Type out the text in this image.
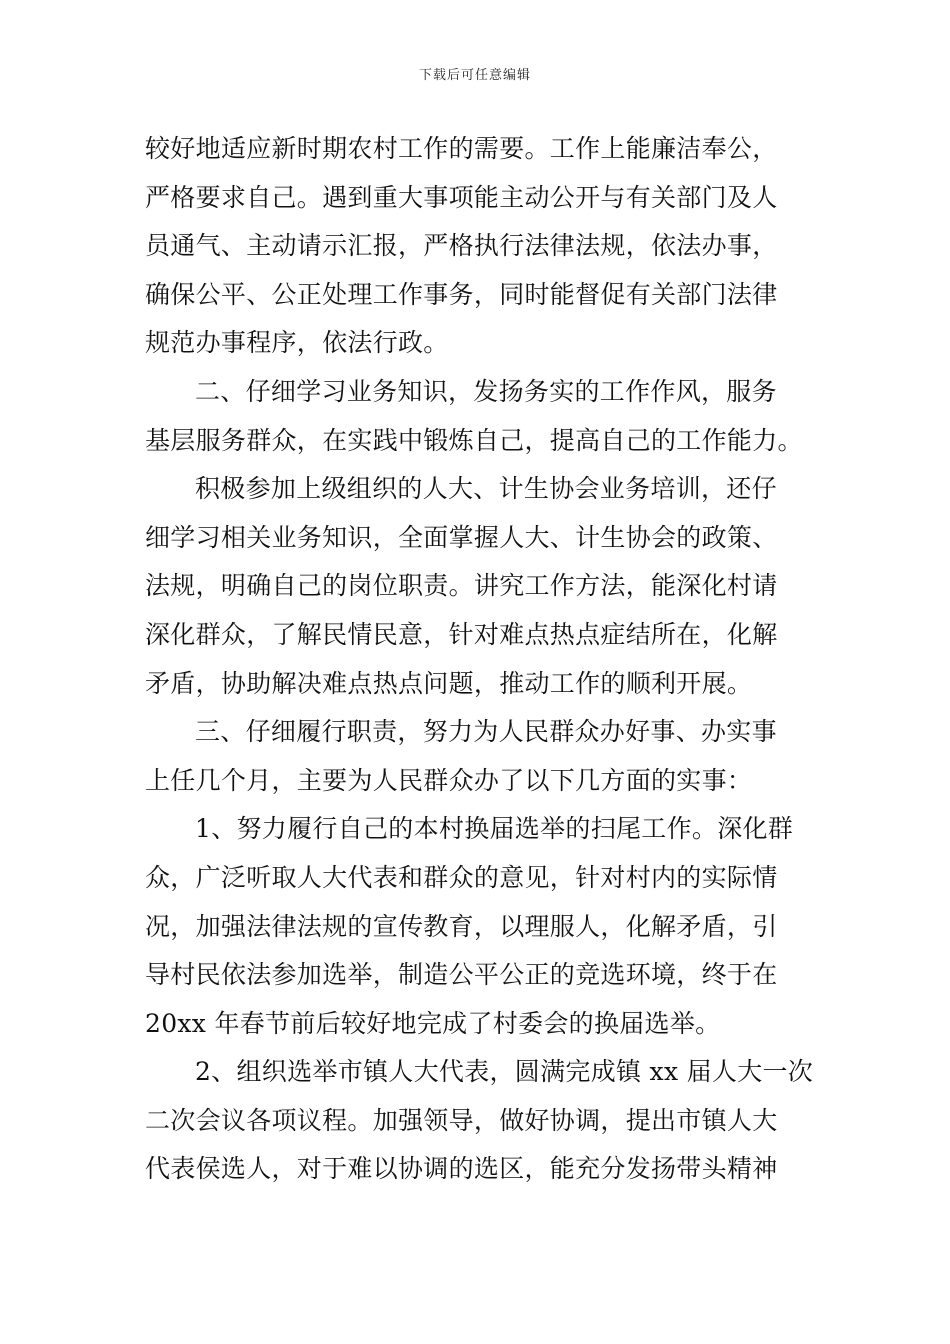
下载后可任意编辑
较好地适应新时期农村工作的需要。工作上能廉洁奉公，
严格要求自己。遇到重大事项能主动公开与有关部门及人
员通气、主动请示汇报，严格执行法律法规，依法办事，
确保公平、公正处理工作事务，同时能督促有关部门法律
规范办事程序，依法行政。
二、仔细学习业务知识，发扬务实的工作作风，服务
基层服务群众，在实践中锻炼自己，提高自己的工作能力。
积极参加上级组织的人大、计生协会业务培训，还仔
细学习相关业务知识，全面掌握人大、计生协会的政策、
法规，明确自己的岗位职责。讲究工作方法，能深化村请
深化群众，了解民情民意，针对难点热点症结所在，化解
矛盾，协助解决难点热点问题，推动工作的顺利开展。
三、仔细履行职责，努力为人民群众办好事、办实事
上任几个月，主要为人民群众办了以下几方面的实事：
1、努力履行自己的本村换届选举的扫尾工作。深化群
众，广泛听取人大代表和群众的意见，针对村内的实际情
况，加强法律法规的宣传教育，以理服人，化解矛盾，引
导村民依法参加选举，制造公平公正的竞选环境，终于在
20xx 年春节前后较好地完成了村委会的换届选举。
2、组织选举市镇人大代表，圆满完成镇 xx 届人大一次
二次会议各项议程。加强领导，做好协调，提出市镇人大
代表侯选人，对于难以协调的选区，能充分发扬带头精神
